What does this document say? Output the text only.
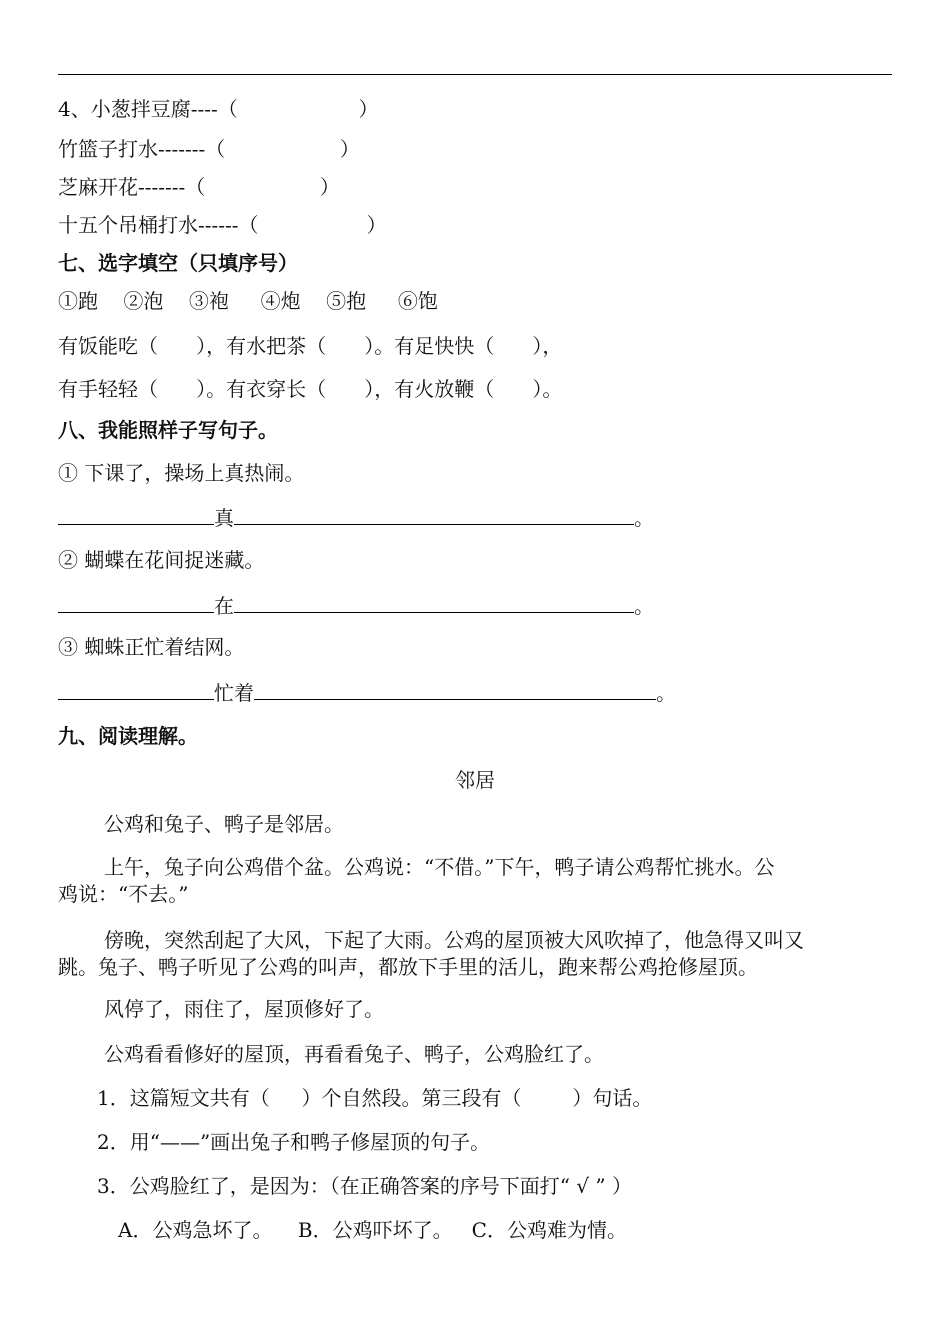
4、小葱拌豆腐----（                   ）
竹篮子打水-------（                  ）
芝麻开花-------（                  ）
十五个吊桶打水------（                 ）
七、选字填空（只填序号）
①跑    ②泡    ③袍     ④炮    ⑤抱     ⑥饱
有饭能吃（      ），有水把茶（      ）。有足快快（      ），
有手轻轻（      ）。有衣穿长（      ），有火放鞭（      ）。
八、我能照样子写句子。
① 下课了，操场上真热闹。
真	。
② 蝴蝶在花间捉迷藏。
在	。
③ 蜘蛛正忙着结网。
忙着	。
九、阅读理解。
邻居
公鸡和兔子、鸭子是邻居。
上午，兔子向公鸡借个盆。公鸡说：“不借。”下午，鸭子请公鸡帮忙挑水。公
鸡说：“不去。”
傍晚，突然刮起了大风，下起了大雨。公鸡的屋顶被大风吹掉了，他急得又叫又
跳。兔子、鸭子听见了公鸡的叫声，都放下手里的活儿，跑来帮公鸡抢修屋顶。
风停了，雨住了，屋顶修好了。
公鸡看看修好的屋顶，再看看兔子、鸭子，公鸡脸红了。
1．这篇短文共有（     ）个自然段。第三段有（        ）句话。
2．用“——”画出兔子和鸭子修屋顶的句子。
3．公鸡脸红了，是因为：（在正确答案的序号下面打“ √ ” ）
A．公鸡急坏了。    B．公鸡吓坏了。   C．公鸡难为情。
